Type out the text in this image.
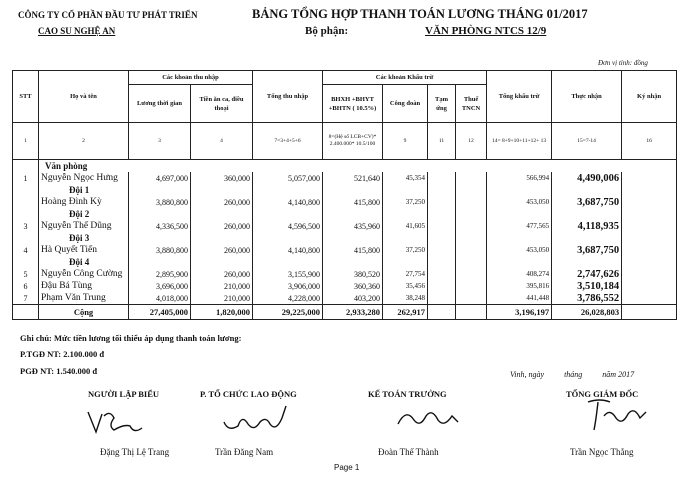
CÔNG TY CỔ PHẦN ĐẦU TƯ PHÁT TRIỂN
CAO SU NGHỆ AN
BẢNG TỔNG HỢP THANH TOÁN LƯƠNG THÁNG 01/2017
Bộ phận:	VĂN PHÒNG NTCS 12/9
Đơn vị tính: đồng
STT	Họ và tên	Các khoản thu nhập		Tổng thu nhập	Các khoản Khấu trừ				Tổng khấu trừ	Thực nhận	Ký nhận
		Lương thời gian	Tiền ăn ca, điều thoại		BHXH +BHYT +BHTN ( 10.5%)	Công đoàn	Tạm ứng	Thuế TNCN			
1	2	3	4	7=3+4+5+6	8=(Hệ số LCB+CV)* 2.400.000* 10.5/100	9	11	12	14= 8+9+10+11+12+ 13	15=7-14	16
	Văn phòng										
1	Nguyễn Ngọc Hưng	4,697,000	360,000	5,057,000	521,640	45,354			566,994	4,490,006	
	Đội 1										
	Hoàng Đình Kỳ	3,880,800	260,000	4,140,800	415,800	37,250			453,050	3,687,750	
	Đội 2										
3	Nguyễn Thế Dũng	4,336,500	260,000	4,596,500	435,960	41,605			477,565	4,118,935	
	Đội 3										
4	Hà Quyết Tiến	3,880,800	260,000	4,140,800	415,800	37,250			453,050	3,687,750	
	Đội 4										
5	Nguyễn Công Cường	2,895,900	260,000	3,155,900	380,520	27,754			408,274	2,747,626	
6	Đậu Bá Tùng	3,696,000	210,000	3,906,000	360,360	35,456			395,816	3,510,184	
7	Phạm Văn Trung	4,018,000	210,000	4,228,000	403,200	38,248			441,448	3,786,552	
	Cộng	27,405,000	1,820,000	29,225,000	2,933,280	262,917			3,196,197	26,028,803	
Ghi chú: Mức tiền lương tối thiểu áp dụng thanh toán lương:
P.TGĐ NT: 2.100.000 đ
PGĐ NT: 1.540.000 đ	Vinh, ngày          tháng          năm 2017
NGƯỜI LẬP BIỂU	P. TỔ CHỨC LAO ĐỘNG	KẾ TOÁN TRƯỞNG	TỔNG GIÁM ĐỐC
Đặng Thị Lệ Trang	Trần Đăng Nam	Đoàn Thế Thành	Trần Ngọc Thắng
Page 1
